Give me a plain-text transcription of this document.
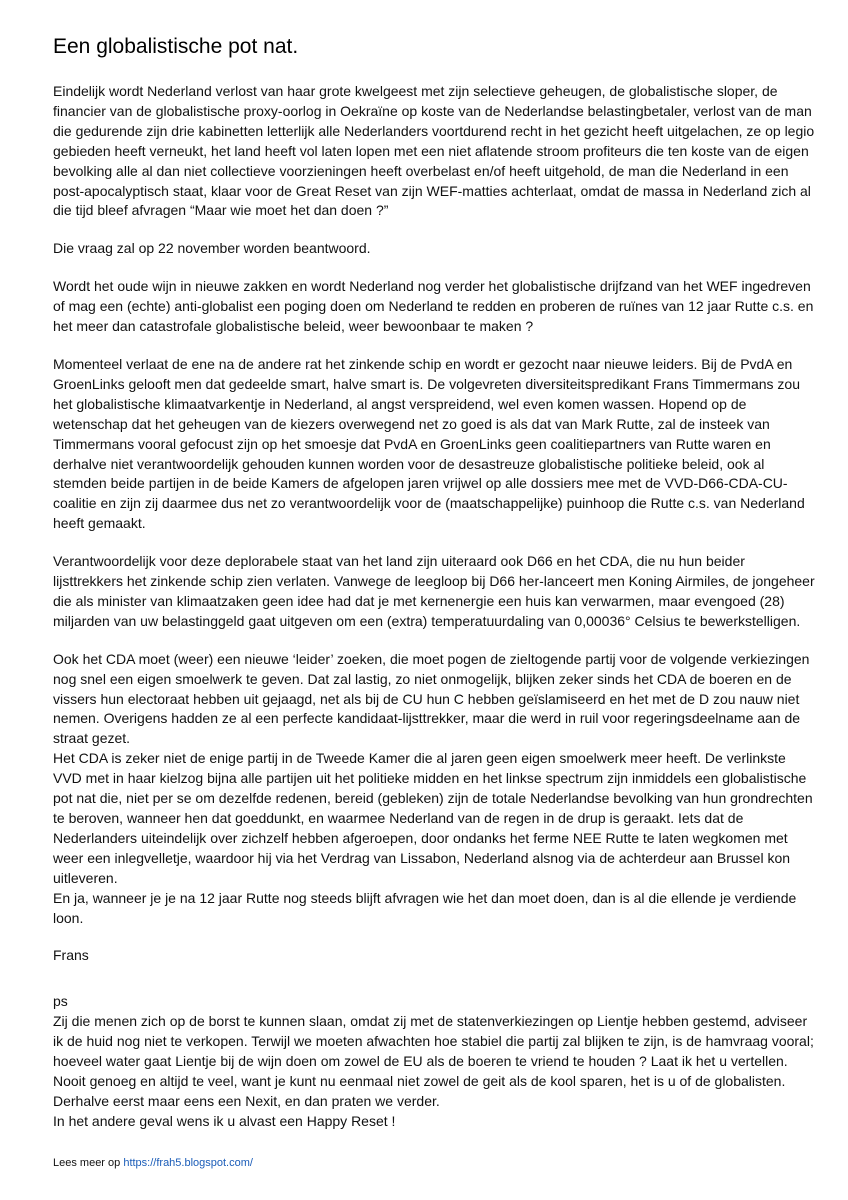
Een globalistische pot nat.

Eindelijk wordt Nederland verlost van haar grote kwelgeest met zijn selectieve geheugen, de globalistische sloper, de financier van de globalistische proxy-oorlog in Oekraïne op koste van de Nederlandse belastingbetaler, verlost van de man die gedurende zijn drie kabinetten letterlijk alle Nederlanders voortdurend recht in het gezicht heeft uitgelachen, ze op legio gebieden heeft verneukt, het land heeft vol laten lopen met een niet aflatende stroom profiteurs die ten koste van de eigen bevolking alle al dan niet collectieve voorzieningen heeft overbelast en/of heeft uitgehold, de man die Nederland in een post-apocalyptisch staat, klaar voor de Great Reset van zijn WEF-matties achterlaat, omdat de massa in Nederland zich al die tijd bleef afvragen “Maar wie moet het dan doen ?”

Die vraag zal op 22 november worden beantwoord.

Wordt het oude wijn in nieuwe zakken en wordt Nederland nog verder het globalistische drijfzand van het WEF ingedreven of mag een (echte) anti-globalist een poging doen om Nederland te redden en proberen de ruïnes van 12 jaar Rutte c.s. en het meer dan catastrofale globalistische beleid, weer bewoonbaar te maken ?

Momenteel verlaat de ene na de andere rat het zinkende schip en wordt er gezocht naar nieuwe leiders. Bij de PvdA en GroenLinks gelooft men dat gedeelde smart, halve smart is. De volgevreten diversiteitspredikant Frans Timmermans zou het globalistische klimaatvarkentje in Nederland, al angst verspreidend, wel even komen wassen. Hopend op de wetenschap dat het geheugen van de kiezers overwegend net zo goed is als dat van Mark Rutte, zal de insteek van Timmermans vooral gefocust zijn op het smoesje dat PvdA en GroenLinks geen coalitiepartners van Rutte waren en derhalve niet verantwoordelijk gehouden kunnen worden voor de desastreuze globalistische politieke beleid, ook al stemden beide partijen in de beide Kamers de afgelopen jaren vrijwel op alle dossiers mee met de VVD-D66-CDA-CU-coalitie en zijn zij daarmee dus net zo verantwoordelijk voor de (maatschappelijke) puinhoop die Rutte c.s. van Nederland heeft gemaakt.

Verantwoordelijk voor deze deplorabele staat van het land zijn uiteraard ook D66 en het CDA, die nu hun beider lijsttrekkers het zinkende schip zien verlaten. Vanwege de leegloop bij D66 her-lanceert men Koning Airmiles, de jongeheer die als minister van klimaatzaken geen idee had dat je met kernenergie een huis kan verwarmen, maar evengoed (28) miljarden van uw belastinggeld gaat uitgeven om een (extra) temperatuurdaling van 0,00036° Celsius te bewerkstelligen.

Ook het CDA moet (weer) een nieuwe ‘leider’ zoeken, die moet pogen de zieltogende partij voor de volgende verkiezingen nog snel een eigen smoelwerk te geven. Dat zal lastig, zo niet onmogelijk, blijken zeker sinds het CDA de boeren en de vissers hun electoraat hebben uit gejaagd, net als bij de CU hun C hebben geïslamiseerd en het met de D zou nauw niet nemen. Overigens hadden ze al een perfecte kandidaat-lijsttrekker, maar die werd in ruil voor regeringsdeelname aan de straat gezet.

Het CDA is zeker niet de enige partij in de Tweede Kamer die al jaren geen eigen smoelwerk meer heeft. De verlinkste VVD met in haar kielzog bijna alle partijen uit het politieke midden en het linkse spectrum zijn inmiddels een globalistische pot nat die, niet per se om dezelfde redenen, bereid (gebleken) zijn de totale Nederlandse bevolking van hun grondrechten te beroven, wanneer hen dat goeddunkt, en waarmee Nederland van de regen in de drup is geraakt. Iets dat de Nederlanders uiteindelijk over zichzelf hebben afgeroepen, door ondanks het ferme NEE Rutte te laten wegkomen met weer een inlegvelletje, waardoor hij via het Verdrag van Lissabon, Nederland alsnog via de achterdeur aan Brussel kon uitleveren.

En ja, wanneer je je na 12 jaar Rutte nog steeds blijft afvragen wie het dan moet doen, dan is al die ellende je verdiende loon.

Frans

ps

Zij die menen zich op de borst te kunnen slaan, omdat zij met de statenverkiezingen op Lientje hebben gestemd, adviseer ik de huid nog niet te verkopen. Terwijl we moeten afwachten hoe stabiel die partij zal blijken te zijn, is de hamvraag vooral; hoeveel water gaat Lientje bij de wijn doen om zowel de EU als de boeren te vriend te houden ? Laat ik het u vertellen. Nooit genoeg en altijd te veel, want je kunt nu eenmaal niet zowel de geit als de kool sparen, het is u of de globalisten. Derhalve eerst maar eens een Nexit, en dan praten we verder.

In het andere geval wens ik u alvast een Happy Reset !

Lees meer op https://frah5.blogspot.com/
